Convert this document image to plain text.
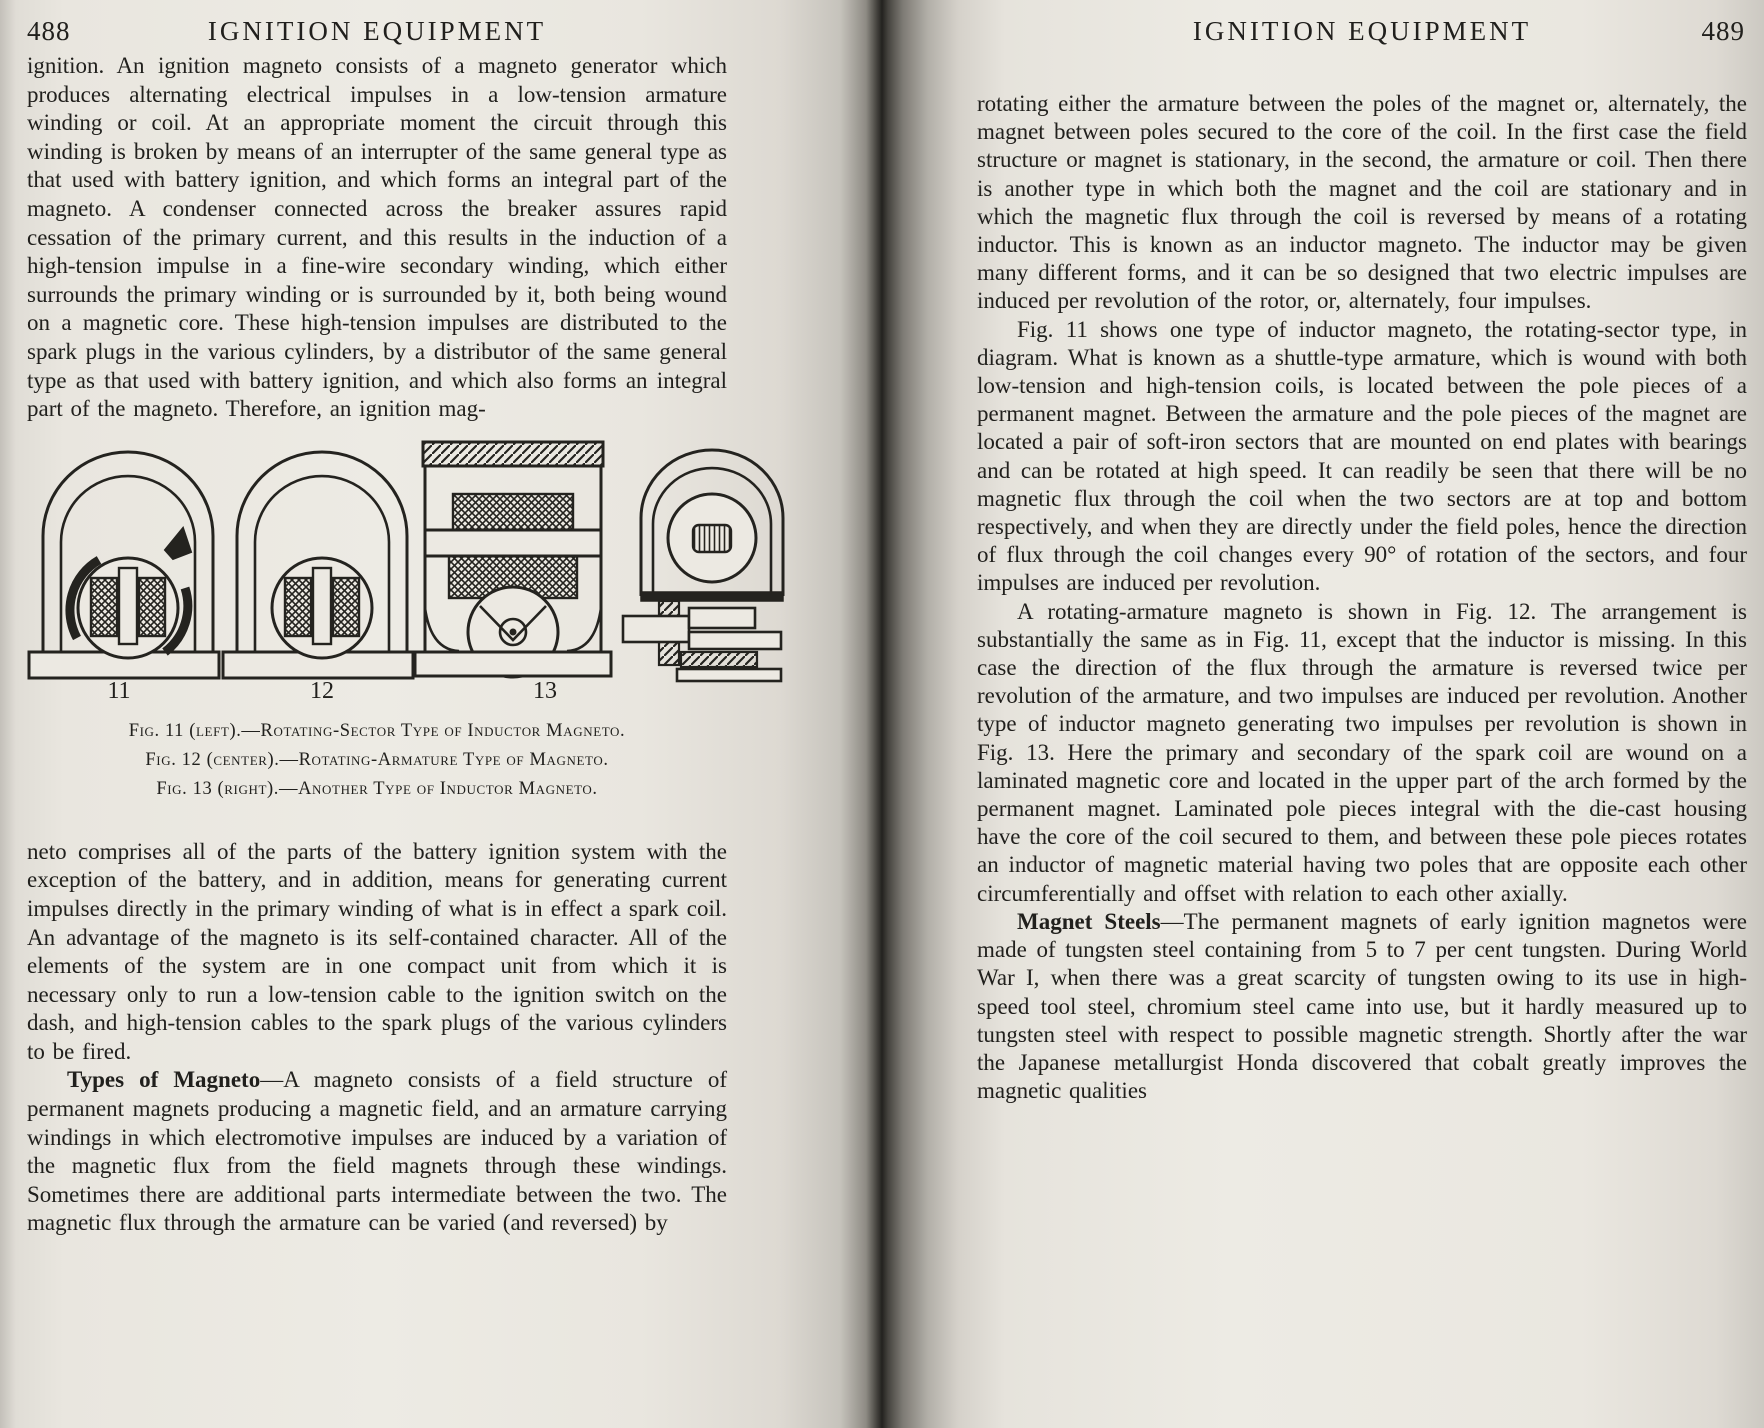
488	IGNITION EQUIPMENT

ignition. An ignition magneto consists of a magneto generator which produces alternating electrical impulses in a low-tension armature winding or coil. At an appropriate moment the circuit through this winding is broken by means of an interrupter of the same general type as that used with battery ignition, and which forms an integral part of the magneto. A condenser connected across the breaker assures rapid cessation of the primary current, and this results in the induction of a high-tension impulse in a fine-wire secondary winding, which either surrounds the primary winding or is surrounded by it, both being wound on a magnetic core. These high-tension impulses are distributed to the spark plugs in the various cylinders, by a distributor of the same general type as that used with battery ignition, and which also forms an integral part of the magneto. Therefore, an ignition mag-

11	12	13
Fig. 11 (left).—Rotating-Sector Type of Inductor Magneto.
Fig. 12 (center).—Rotating-Armature Type of Magneto.
Fig. 13 (right).—Another Type of Inductor Magneto.

neto comprises all of the parts of the battery ignition system with the exception of the battery, and in addition, means for generating current impulses directly in the primary winding of what is in effect a spark coil. An advantage of the magneto is its self-contained character. All of the elements of the system are in one compact unit from which it is necessary only to run a low-tension cable to the ignition switch on the dash, and high-tension cables to the spark plugs of the various cylinders to be fired.

Types of Magneto—A magneto consists of a field structure of permanent magnets producing a magnetic field, and an armature carrying windings in which electromotive impulses are induced by a variation of the magnetic flux from the field magnets through these windings. Sometimes there are additional parts intermediate between the two. The magnetic flux through the armature can be varied (and reversed) by

IGNITION EQUIPMENT	489

rotating either the armature between the poles of the magnet or, alternately, the magnet between poles secured to the core of the coil. In the first case the field structure or magnet is stationary, in the second, the armature or coil. Then there is another type in which both the magnet and the coil are stationary and in which the magnetic flux through the coil is reversed by means of a rotating inductor. This is known as an inductor magneto. The inductor may be given many different forms, and it can be so designed that two electric impulses are induced per revolution of the rotor, or, alternately, four impulses.

Fig. 11 shows one type of inductor magneto, the rotating-sector type, in diagram. What is known as a shuttle-type armature, which is wound with both low-tension and high-tension coils, is located between the pole pieces of a permanent magnet. Between the armature and the pole pieces of the magnet are located a pair of soft-iron sectors that are mounted on end plates with bearings and can be rotated at high speed. It can readily be seen that there will be no magnetic flux through the coil when the two sectors are at top and bottom respectively, and when they are directly under the field poles, hence the direction of flux through the coil changes every 90° of rotation of the sectors, and four impulses are induced per revolution.

A rotating-armature magneto is shown in Fig. 12. The arrangement is substantially the same as in Fig. 11, except that the inductor is missing. In this case the direction of the flux through the armature is reversed twice per revolution of the armature, and two impulses are induced per revolution. Another type of inductor magneto generating two impulses per revolution is shown in Fig. 13. Here the primary and secondary of the spark coil are wound on a laminated magnetic core and located in the upper part of the arch formed by the permanent magnet. Laminated pole pieces integral with the die-cast housing have the core of the coil secured to them, and between these pole pieces rotates an inductor of magnetic material having two poles that are opposite each other circumferentially and offset with relation to each other axially.

Magnet Steels—The permanent magnets of early ignition magnetos were made of tungsten steel containing from 5 to 7 per cent tungsten. During World War I, when there was a great scarcity of tungsten owing to its use in high-speed tool steel, chromium steel came into use, but it hardly measured up to tungsten steel with respect to possible magnetic strength. Shortly after the war the Japanese metallurgist Honda discovered that cobalt greatly improves the magnetic qualities
